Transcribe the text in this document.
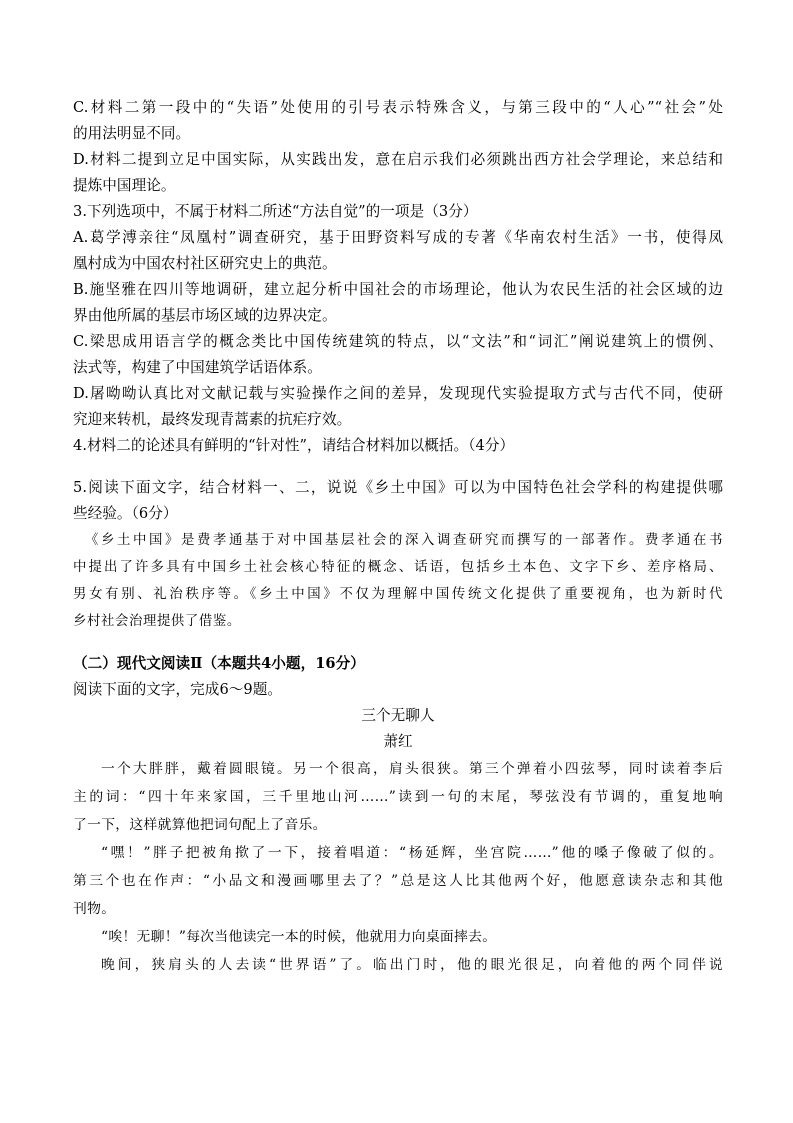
C.材料二第一段中的“失语”处使用的引号表示特殊含义，与第三段中的“人心”“社会”处
的用法明显不同。
D.材料二提到立足中国实际，从实践出发，意在启示我们必须跳出西方社会学理论，来总结和
提炼中国理论。
3.下列选项中，不属于材料二所述“方法自觉”的一项是（3分）
A.葛学溥亲往“凤凰村”调查研究，基于田野资料写成的专著《华南农村生活》一书，使得凤
凰村成为中国农村社区研究史上的典范。
B.施坚雅在四川等地调研，建立起分析中国社会的市场理论，他认为农民生活的社会区域的边
界由他所属的基层市场区域的边界决定。
C.梁思成用语言学的概念类比中国传统建筑的特点，以“文法”和“词汇”阐说建筑上的惯例、
法式等，构建了中国建筑学话语体系。
D.屠呦呦认真比对文献记载与实验操作之间的差异，发现现代实验提取方式与古代不同，使研
究迎来转机，最终发现青蒿素的抗疟疗效。
4.材料二的论述具有鲜明的“针对性”，请结合材料加以概括。（4分）
5.阅读下面文字，结合材料一、二，说说《乡土中国》可以为中国特色社会学科的构建提供哪
些经验。（6分）
《乡土中国》是费孝通基于对中国基层社会的深入调查研究而撰写的一部著作。费孝通在书
中提出了许多具有中国乡土社会核心特征的概念、话语，包括乡土本色、文字下乡、差序格局、
男女有别、礼治秩序等。《乡土中国》不仅为理解中国传统文化提供了重要视角，也为新时代
乡村社会治理提供了借鉴。
（二）现代文阅读Ⅱ（本题共4小题，16分）
阅读下面的文字，完成6～9题。
三个无聊人
萧红
一个大胖胖，戴着圆眼镜。另一个很高，肩头很狭。第三个弹着小四弦琴，同时读着李后
主的词：“四十年来家国，三千里地山河……”读到一句的末尾，琴弦没有节调的，重复地响
了一下，这样就算他把词句配上了音乐。
“嘿！”胖子把被角揿了一下，接着唱道：“杨延辉，坐宫院……”他的嗓子像破了似的。
第三个也在作声：“小品文和漫画哪里去了？”总是这人比其他两个好，他愿意读杂志和其他
刊物。
“唉！无聊！”每次当他读完一本的时候，他就用力向桌面摔去。
晚间，狭肩头的人去读“世界语”了。临出门时，他的眼光很足，向着他的两个同伴说
